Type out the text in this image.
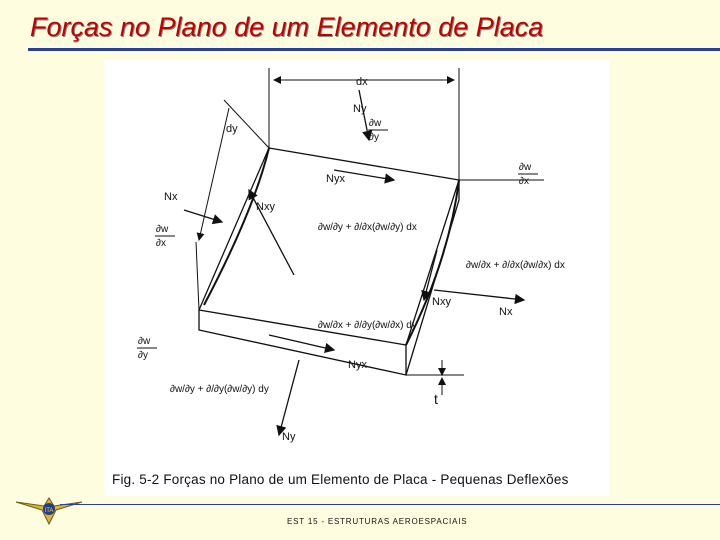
Forças no Plano de um Elemento de Placa
dx
dy
Ny
Nyx
Nx
Nxy
Nxy
Nx
Nyx
Ny
t
∂w
∂y
∂w
∂x
∂w
∂x
∂w/∂y + ∂/∂x(∂w/∂y) dx
∂w/∂x + ∂/∂x(∂w/∂x) dx
∂w/∂x + ∂/∂y(∂w/∂x) dy
∂w
∂y
∂w/∂y + ∂/∂y(∂w/∂y) dy
Fig. 5-2 Forças no Plano de um Elemento de Placa - Pequenas Deflexões
ITA
EST 15 - ESTRUTURAS AEROESPACIAIS
